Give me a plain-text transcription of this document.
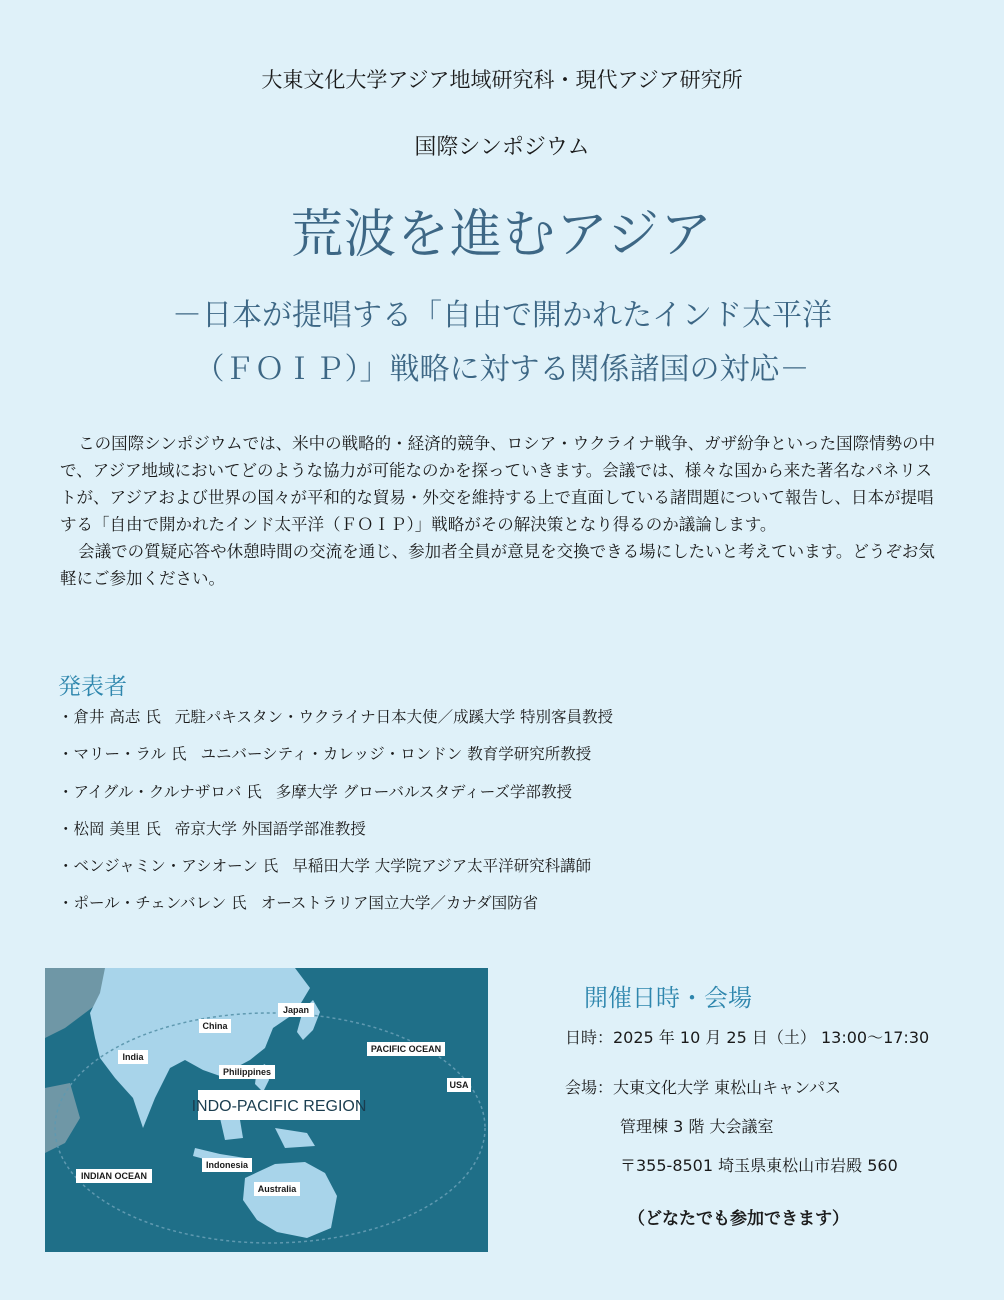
大東文化大学アジア地域研究科・現代アジア研究所
国際シンポジウム
荒波を進むアジア
－日本が提唱する「自由で開かれたインド太平洋
（ＦＯＩＰ）」戦略に対する関係諸国の対応－

この国際シンポジウムでは、米中の戦略的・経済的競争、ロシア・ウクライナ戦争、ガザ紛争といった国際情勢の中で、アジア地域においてどのような協力が可能なのかを探っていきます。会議では、様々な国から来た著名なパネリストが、アジアおよび世界の国々が平和的な貿易・外交を維持する上で直面している諸問題について報告し、日本が提唱する「自由で開かれたインド太平洋（ＦＯＩＰ）」戦略がその解決策となり得るのか議論します。

会議での質疑応答や休憩時間の交流を通じ、参加者全員が意見を交換できる場にしたいと考えています。どうぞお気軽にご参加ください。

発表者
・倉井 高志 氏 元駐パキスタン・ウクライナ日本大使／成蹊大学 特別客員教授
・マリー・ラル 氏 ユニバーシティ・カレッジ・ロンドン 教育学研究所教授
・アイグル・クルナザロバ 氏 多摩大学 グローバルスタディーズ学部教授
・松岡 美里 氏 帝京大学 外国語学部准教授
・ベンジャミン・アシオーン 氏 早稲田大学 大学院アジア太平洋研究科講師
・ポール・チェンバレン 氏 オーストラリア国立大学／カナダ国防省
INDO-PACIFIC REGION
China
Japan
India
Philippines
PACIFIC OCEAN
USA
Indonesia
INDIAN OCEAN
Australia
開催日時・会場
日時：2025 年 10 月 25 日（土） 13:00～17:30
会場：大東文化大学 東松山キャンパス
管理棟 3 階 大会議室
〒355-8501 埼玉県東松山市岩殿 560
（どなたでも参加できます）
